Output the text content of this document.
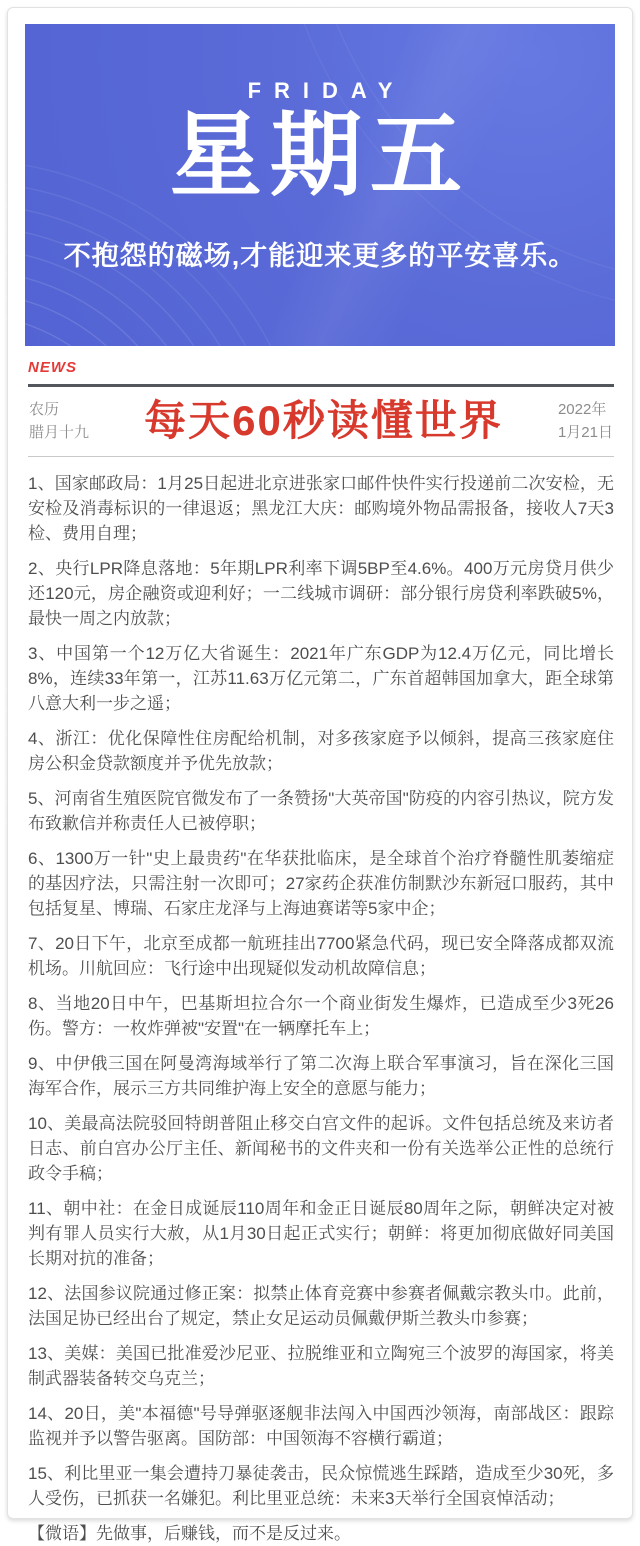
FRIDAY
星期五
不抱怨的磁场,才能迎来更多的平安喜乐。
NEWS
农历
腊月十九	每天60秒读懂世界	2022年
1月21日

1、国家邮政局：1月25日起进北京进张家口邮件快件实行投递前二次安检，无安检及消毒标识的一律退返；黑龙江大庆：邮购境外物品需报备，接收人7天3检、费用自理；

2、央行LPR降息落地：5年期LPR利率下调5BP至4.6%。400万元房贷月供少还120元，房企融资或迎利好；一二线城市调研：部分银行房贷利率跌破5%，最快一周之内放款；

3、中国第一个12万亿大省诞生：2021年广东GDP为12.4万亿元，同比增长8%，连续33年第一，江苏11.63万亿元第二，广东首超韩国加拿大，距全球第八意大利一步之遥；

4、浙江：优化保障性住房配给机制，对多孩家庭予以倾斜，提高三孩家庭住房公积金贷款额度并予优先放款；

5、河南省生殖医院官微发布了一条赞扬"大英帝国"防疫的内容引热议，院方发布致歉信并称责任人已被停职；

6、1300万一针"史上最贵药"在华获批临床，是全球首个治疗脊髓性肌萎缩症的基因疗法，只需注射一次即可；27家药企获准仿制默沙东新冠口服药，其中包括复星、博瑞、石家庄龙泽与上海迪赛诺等5家中企；

7、20日下午，北京至成都一航班挂出7700紧急代码，现已安全降落成都双流机场。川航回应：飞行途中出现疑似发动机故障信息；

8、当地20日中午，巴基斯坦拉合尔一个商业街发生爆炸，已造成至少3死26伤。警方：一枚炸弹被"安置"在一辆摩托车上；

9、中伊俄三国在阿曼湾海域举行了第二次海上联合军事演习，旨在深化三国海军合作，展示三方共同维护海上安全的意愿与能力；

10、美最高法院驳回特朗普阻止移交白宫文件的起诉。文件包括总统及来访者日志、前白宫办公厅主任、新闻秘书的文件夹和一份有关选举公正性的总统行政令手稿；

11、朝中社：在金日成诞辰110周年和金正日诞辰80周年之际，朝鲜决定对被判有罪人员实行大赦，从1月30日起正式实行；朝鲜：将更加彻底做好同美国长期对抗的准备；

12、法国参议院通过修正案：拟禁止体育竞赛中参赛者佩戴宗教头巾。此前，法国足协已经出台了规定，禁止女足运动员佩戴伊斯兰教头巾参赛；

13、美媒：美国已批准爱沙尼亚、拉脱维亚和立陶宛三个波罗的海国家，将美制武器装备转交乌克兰；

14、20日，美"本福德"号导弹驱逐舰非法闯入中国西沙领海，南部战区：跟踪监视并予以警告驱离。国防部：中国领海不容横行霸道；

15、利比里亚一集会遭持刀暴徒袭击，民众惊慌逃生踩踏，造成至少30死，多人受伤，已抓获一名嫌犯。利比里亚总统：未来3天举行全国哀悼活动；

【微语】先做事，后赚钱，而不是反过来。
